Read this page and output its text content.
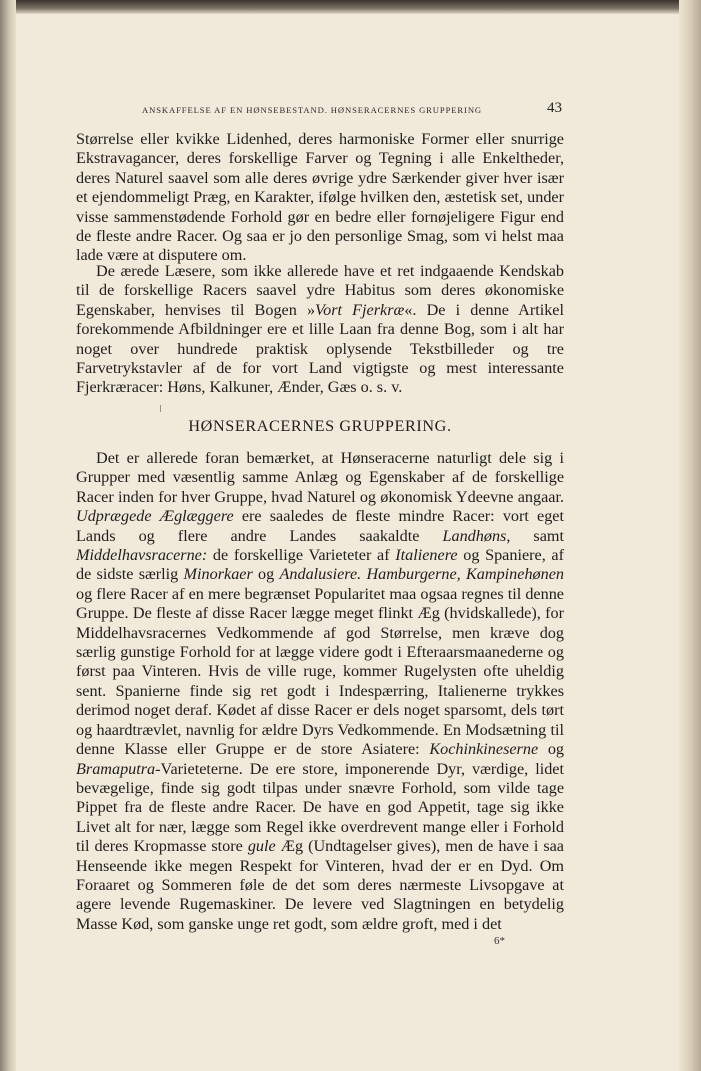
ANSKAFFELSE AF EN HØNSEBESTAND. HØNSERACERNES GRUPPERING	43

Størrelse eller kvikke Lidenhed, deres harmoniske Former eller snurrige Ekstravagancer, deres forskellige Farver og Tegning i alle Enkeltheder, deres Naturel saavel som alle deres øvrige ydre Særkender giver hver især et ejendommeligt Præg, en Karakter, ifølge hvilken den, æstetisk set, under visse sammenstødende Forhold gør en bedre eller fornøjeligere Figur end de fleste andre Racer. Og saa er jo den personlige Smag, som vi helst maa lade være at disputere om.

De ærede Læsere, som ikke allerede have et ret indgaaende Kendskab til de forskellige Racers saavel ydre Habitus som deres økonomiske Egenskaber, henvises til Bogen »Vort Fjerkræ«. De i denne Artikel forekommende Afbildninger ere et lille Laan fra denne Bog, som i alt har noget over hundrede praktisk oplysende Tekstbilleder og tre Farvetrykstavler af de for vort Land vigtigste og mest interessante Fjerkræracer: Høns, Kalkuner, Ænder, Gæs o. s. v.

HØNSERACERNES GRUPPERING.

Det er allerede foran bemærket, at Hønseracerne naturligt dele sig i Grupper med væsentlig samme Anlæg og Egenskaber af de forskellige Racer inden for hver Gruppe, hvad Naturel og økonomisk Ydeevne angaar. Udprægede Æglæggere ere saaledes de fleste mindre Racer: vort eget Lands og flere andre Landes saakaldte Landhøns, samt Middelhavsracerne: de forskellige Varieteter af Italienere og Spaniere, af de sidste særlig Minorkaer og Andalusiere. Hamburgerne, Kampinehønen og flere Racer af en mere begrænset Popularitet maa ogsaa regnes til denne Gruppe. De fleste af disse Racer lægge meget flinkt Æg (hvidskallede), for Middelhavsracernes Vedkommende af god Størrelse, men kræve dog særlig gunstige Forhold for at lægge videre godt i Efteraarsmaanederne og først paa Vinteren. Hvis de ville ruge, kommer Rugelysten ofte uheldig sent. Spanierne finde sig ret godt i Indespærring, Italienerne trykkes derimod noget deraf. Kødet af disse Racer er dels noget sparsomt, dels tørt og haardtrævlet, navnlig for ældre Dyrs Vedkommende. En Modsætning til denne Klasse eller Gruppe er de store Asiatere: Kochinkineserne og Bramaputra-Varieteterne. De ere store, imponerende Dyr, værdige, lidet bevægelige, finde sig godt tilpas under snævre Forhold, som vilde tage Pippet fra de fleste andre Racer. De have en god Appetit, tage sig ikke Livet alt for nær, lægge som Regel ikke overdrevent mange eller i Forhold til deres Kropmasse store gule Æg (Undtagelser gives), men de have i saa Henseende ikke megen Respekt for Vinteren, hvad der er en Dyd. Om Foraaret og Sommeren føle de det som deres nærmeste Livsopgave at agere levende Rugemaskiner. De levere ved Slagtningen en betydelig Masse Kød, som ganske unge ret godt, som ældre groft, med i det

6*
